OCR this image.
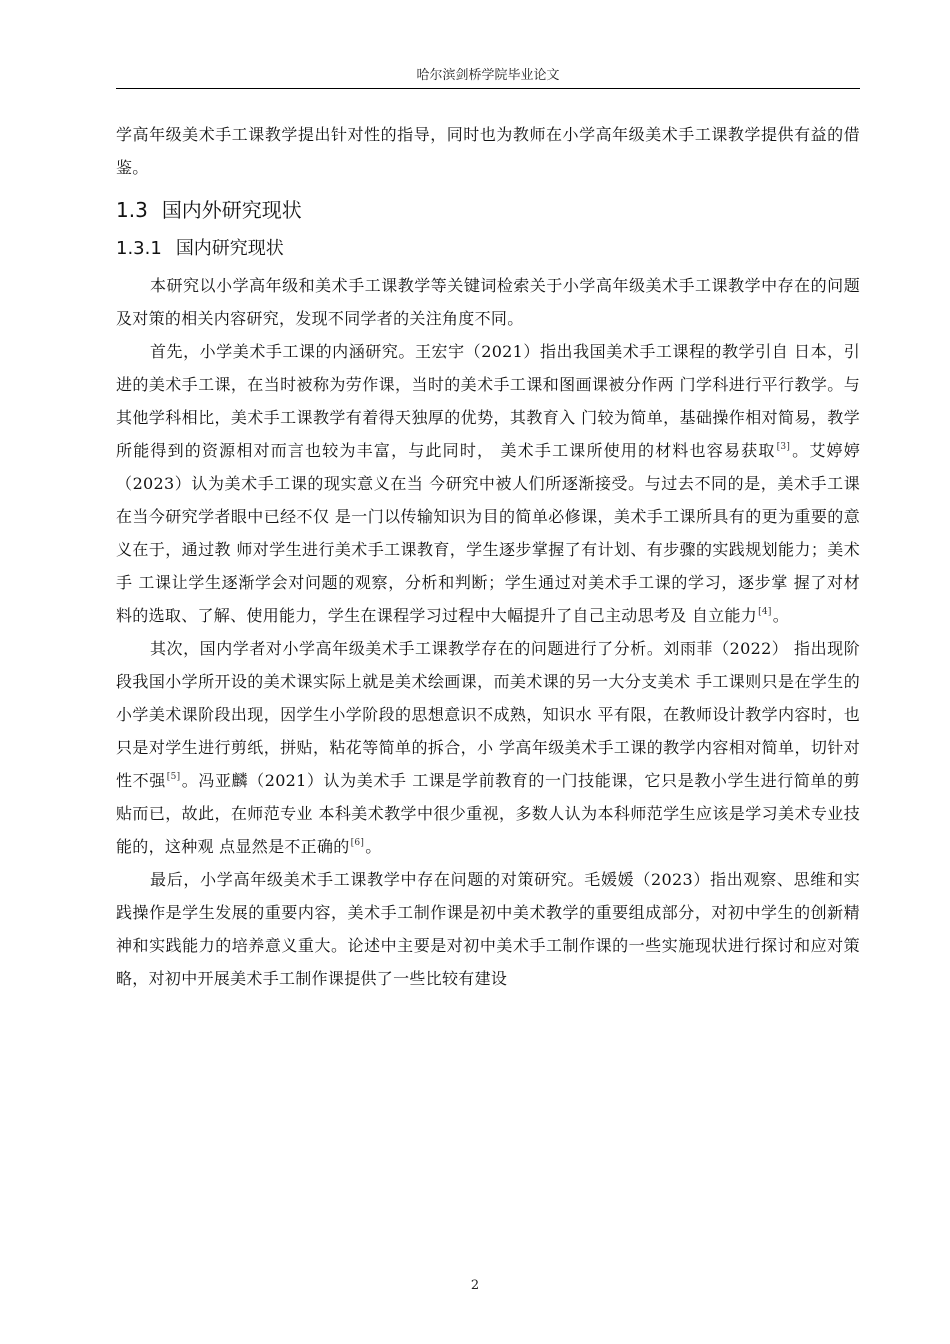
哈尔滨剑桥学院毕业论文

学高年级美术手工课教学提出针对性的指导，同时也为教师在小学高年级美术手工课教学提供有益的借鉴。

1.3 国内外研究现状
1.3.1 国内研究现状

本研究以小学高年级和美术手工课教学等关键词检索关于小学高年级美术手工课教学中存在的问题及对策的相关内容研究，发现不同学者的关注角度不同。

首先，小学美术手工课的内涵研究。王宏宇（2021）指出我国美术手工课程的教学引自 日本，引进的美术手工课，在当时被称为劳作课，当时的美术手工课和图画课被分作两 门学科进行平行教学。与其他学科相比，美术手工课教学有着得天独厚的优势，其教育入 门较为简单，基础操作相对简易，教学所能得到的资源相对而言也较为丰富，与此同时， 美术手工课所使用的材料也容易获取[3]。艾婷婷（2023）认为美术手工课的现实意义在当 今研究中被人们所逐渐接受。与过去不同的是，美术手工课在当今研究学者眼中已经不仅 是一门以传输知识为目的简单必修课，美术手工课所具有的更为重要的意义在于，通过教 师对学生进行美术手工课教育，学生逐步掌握了有计划、有步骤的实践规划能力；美术手 工课让学生逐渐学会对问题的观察，分析和判断；学生通过对美术手工课的学习，逐步掌 握了对材料的选取、了解、使用能力，学生在课程学习过程中大幅提升了自己主动思考及 自立能力[4]。

其次，国内学者对小学高年级美术手工课教学存在的问题进行了分析。刘雨菲（2022） 指出现阶段我国小学所开设的美术课实际上就是美术绘画课，而美术课的另一大分支美术 手工课则只是在学生的小学美术课阶段出现，因学生小学阶段的思想意识不成熟，知识水 平有限，在教师设计教学内容时，也只是对学生进行剪纸，拼贴，粘花等简单的拆合，小 学高年级美术手工课的教学内容相对简单，切针对性不强[5]。冯亚麟（2021）认为美术手 工课是学前教育的一门技能课，它只是教小学生进行简单的剪贴而已，故此，在师范专业 本科美术教学中很少重视，多数人认为本科师范学生应该是学习美术专业技能的，这种观 点显然是不正确的[6]。

最后，小学高年级美术手工课教学中存在问题的对策研究。毛媛媛（2023）指出观察、思维和实践操作是学生发展的重要内容，美术手工制作课是初中美术教学的重要组成部分，对初中学生的创新精神和实践能力的培养意义重大。论述中主要是对初中美术手工制作课的一些实施现状进行探讨和应对策略，对初中开展美术手工制作课提供了一些比较有建设

2
